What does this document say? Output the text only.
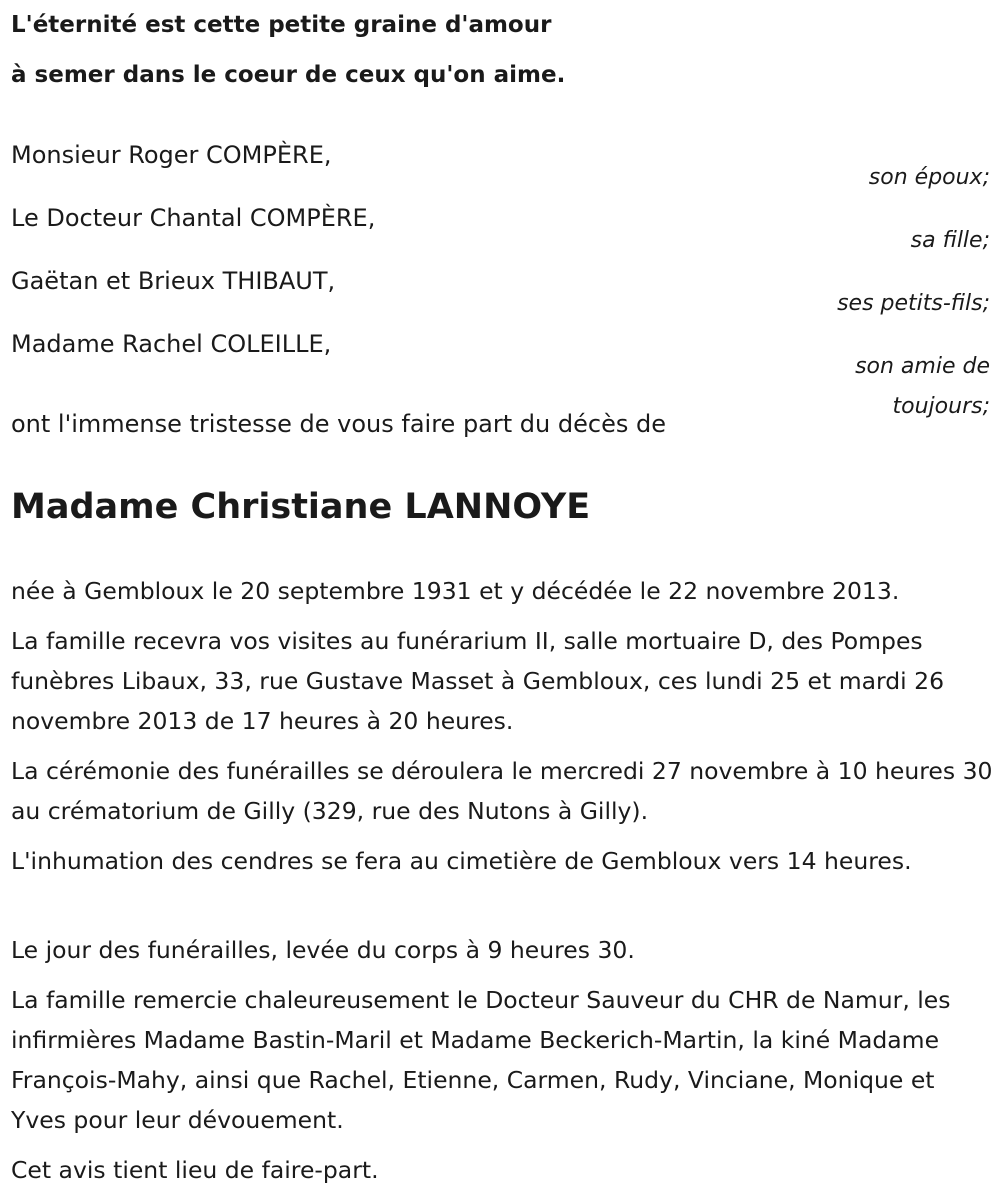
L'éternité est cette petite graine d'amour
à semer dans le coeur de ceux qu'on aime.
Monsieur Roger COMPÈRE,
son époux;
Le Docteur Chantal COMPÈRE,
sa fille;
Gaëtan et Brieux THIBAUT,
ses petits-fils;
Madame Rachel COLEILLE,
son amie de
toujours;
ont l'immense tristesse de vous faire part du décès de
Madame Christiane LANNOYE

née à Gembloux le 20 septembre 1931 et y décédée le 22 novembre 2013.

La famille recevra vos visites au funérarium II, salle mortuaire D, des Pompes funèbres Libaux, 33, rue Gustave Masset à Gembloux, ces lundi 25 et mardi 26 novembre 2013 de 17 heures à 20 heures.

La cérémonie des funérailles se déroulera le mercredi 27 novembre à 10 heures 30 au crématorium de Gilly (329, rue des Nutons à Gilly).

L'inhumation des cendres se fera au cimetière de Gembloux vers 14 heures.

Le jour des funérailles, levée du corps à 9 heures 30.

La famille remercie chaleureusement le Docteur Sauveur du CHR de Namur, les infirmières Madame Bastin-Maril et Madame Beckerich-Martin, la kiné Madame François-Mahy, ainsi que Rachel, Etienne, Carmen, Rudy, Vinciane, Monique et Yves pour leur dévouement.

Cet avis tient lieu de faire-part.
